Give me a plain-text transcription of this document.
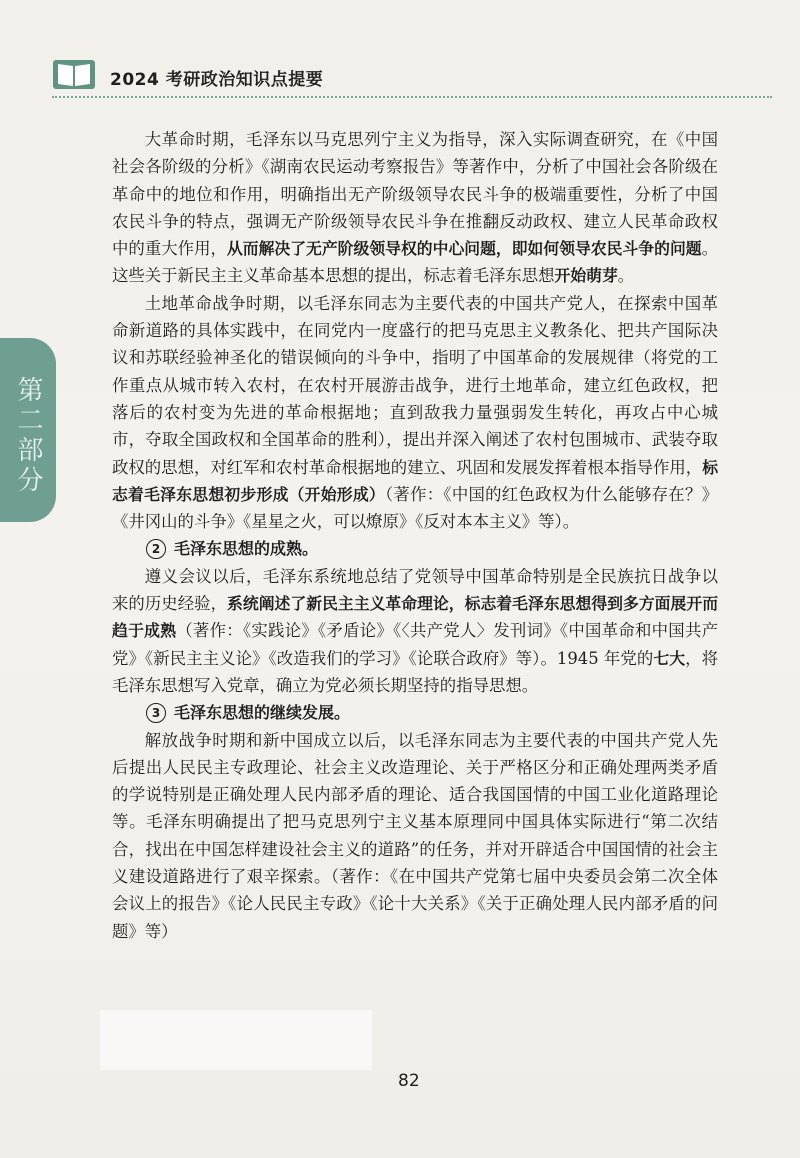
2024 考研政治知识点提要
第二部分

大革命时期，毛泽东以马克思列宁主义为指导，深入实际调查研究，在《中国社会各阶级的分析》《湖南农民运动考察报告》等著作中，分析了中国社会各阶级在革命中的地位和作用，明确指出无产阶级领导农民斗争的极端重要性，分析了中国农民斗争的特点，强调无产阶级领导农民斗争在推翻反动政权、建立人民革命政权中的重大作用，从而解决了无产阶级领导权的中心问题，即如何领导农民斗争的问题。这些关于新民主主义革命基本思想的提出，标志着毛泽东思想开始萌芽。

土地革命战争时期，以毛泽东同志为主要代表的中国共产党人，在探索中国革命新道路的具体实践中，在同党内一度盛行的把马克思主义教条化、把共产国际决议和苏联经验神圣化的错误倾向的斗争中，指明了中国革命的发展规律（将党的工作重点从城市转入农村，在农村开展游击战争，进行土地革命，建立红色政权，把落后的农村变为先进的革命根据地；直到敌我力量强弱发生转化，再攻占中心城市，夺取全国政权和全国革命的胜利），提出并深入阐述了农村包围城市、武装夺取政权的思想，对红军和农村革命根据地的建立、巩固和发展发挥着根本指导作用，标志着毛泽东思想初步形成（开始形成）（著作：《中国的红色政权为什么能够存在？》《井冈山的斗争》《星星之火，可以燎原》《反对本本主义》等）。

2 毛泽东思想的成熟。

遵义会议以后，毛泽东系统地总结了党领导中国革命特别是全民族抗日战争以来的历史经验，系统阐述了新民主主义革命理论，标志着毛泽东思想得到多方面展开而趋于成熟（著作：《实践论》《矛盾论》《〈共产党人〉发刊词》《中国革命和中国共产党》《新民主主义论》《改造我们的学习》《论联合政府》等）。1945 年党的七大，将毛泽东思想写入党章，确立为党必须长期坚持的指导思想。

3 毛泽东思想的继续发展。

解放战争时期和新中国成立以后，以毛泽东同志为主要代表的中国共产党人先后提出人民民主专政理论、社会主义改造理论、关于严格区分和正确处理两类矛盾的学说特别是正确处理人民内部矛盾的理论、适合我国国情的中国工业化道路理论等。毛泽东明确提出了把马克思列宁主义基本原理同中国具体实际进行“第二次结合，找出在中国怎样建设社会主义的道路”的任务，并对开辟适合中国国情的社会主义建设道路进行了艰辛探索。（著作：《在中国共产党第七届中央委员会第二次全体会议上的报告》《论人民民主专政》《论十大关系》《关于正确处理人民内部矛盾的问题》等）

82
